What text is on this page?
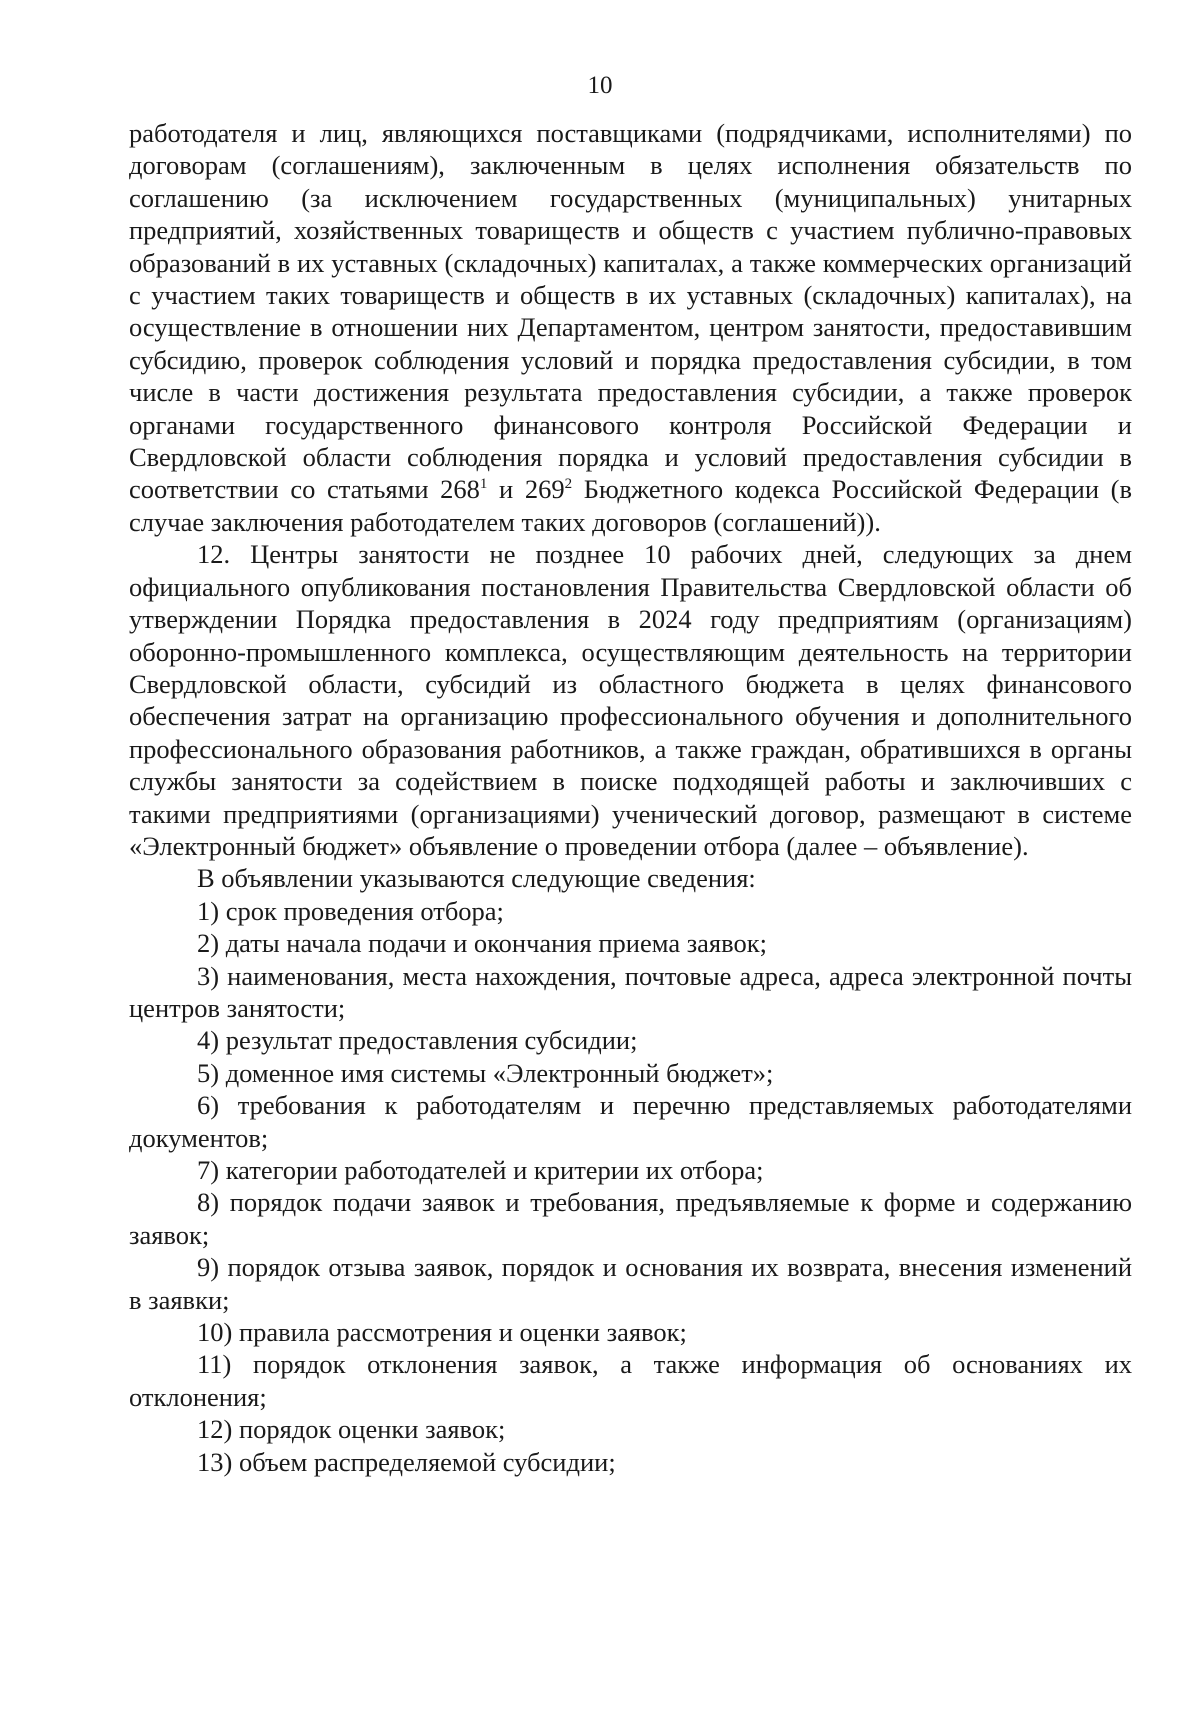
10

работодателя и лиц, являющихся поставщиками (подрядчиками, исполнителями) по договорам (соглашениям), заключенным в целях исполнения обязательств по соглашению (за исключением государственных (муниципальных) унитарных предприятий, хозяйственных товариществ и обществ с участием публично-правовых образований в их уставных (складочных) капиталах, а также коммерческих организаций с участием таких товариществ и обществ в их уставных (складочных) капиталах), на осуществление в отношении них Департаментом, центром занятости, предоставившим субсидию, проверок соблюдения условий и порядка предоставления субсидии, в том числе в части достижения результата предоставления субсидии, а также проверок органами государственного финансового контроля Российской Федерации и Свердловской области соблюдения порядка и условий предоставления субсидии в соответствии со статьями $268^1$ и $269^2$ Бюджетного кодекса Российской Федерации (в случае заключения работодателем таких договоров (соглашений)).

12. Центры занятости не позднее 10 рабочих дней, следующих за днем официального опубликования постановления Правительства Свердловской области об утверждении Порядка предоставления в 2024 году предприятиям (организациям) оборонно-промышленного комплекса, осуществляющим деятельность на территории Свердловской области, субсидий из областного бюджета в целях финансового обеспечения затрат на организацию профессионального обучения и дополнительного профессионального образования работников, а также граждан, обратившихся в органы службы занятости за содействием в поиске подходящей работы и заключивших с такими предприятиями (организациями) ученический договор, размещают в системе «Электронный бюджет» объявление о проведении отбора (далее – объявление).

В объявлении указываются следующие сведения:

1) срок проведения отбора;

2) даты начала подачи и окончания приема заявок;

3) наименования, места нахождения, почтовые адреса, адреса электронной почты центров занятости;

4) результат предоставления субсидии;

5) доменное имя системы «Электронный бюджет»;

6) требования к работодателям и перечню представляемых работодателями документов;

7) категории работодателей и критерии их отбора;

8) порядок подачи заявок и требования, предъявляемые к форме и содержанию заявок;

9) порядок отзыва заявок, порядок и основания их возврата, внесения изменений в заявки;

10) правила рассмотрения и оценки заявок;

11) порядок отклонения заявок, а также информация об основаниях их отклонения;

12) порядок оценки заявок;

13) объем распределяемой субсидии;
